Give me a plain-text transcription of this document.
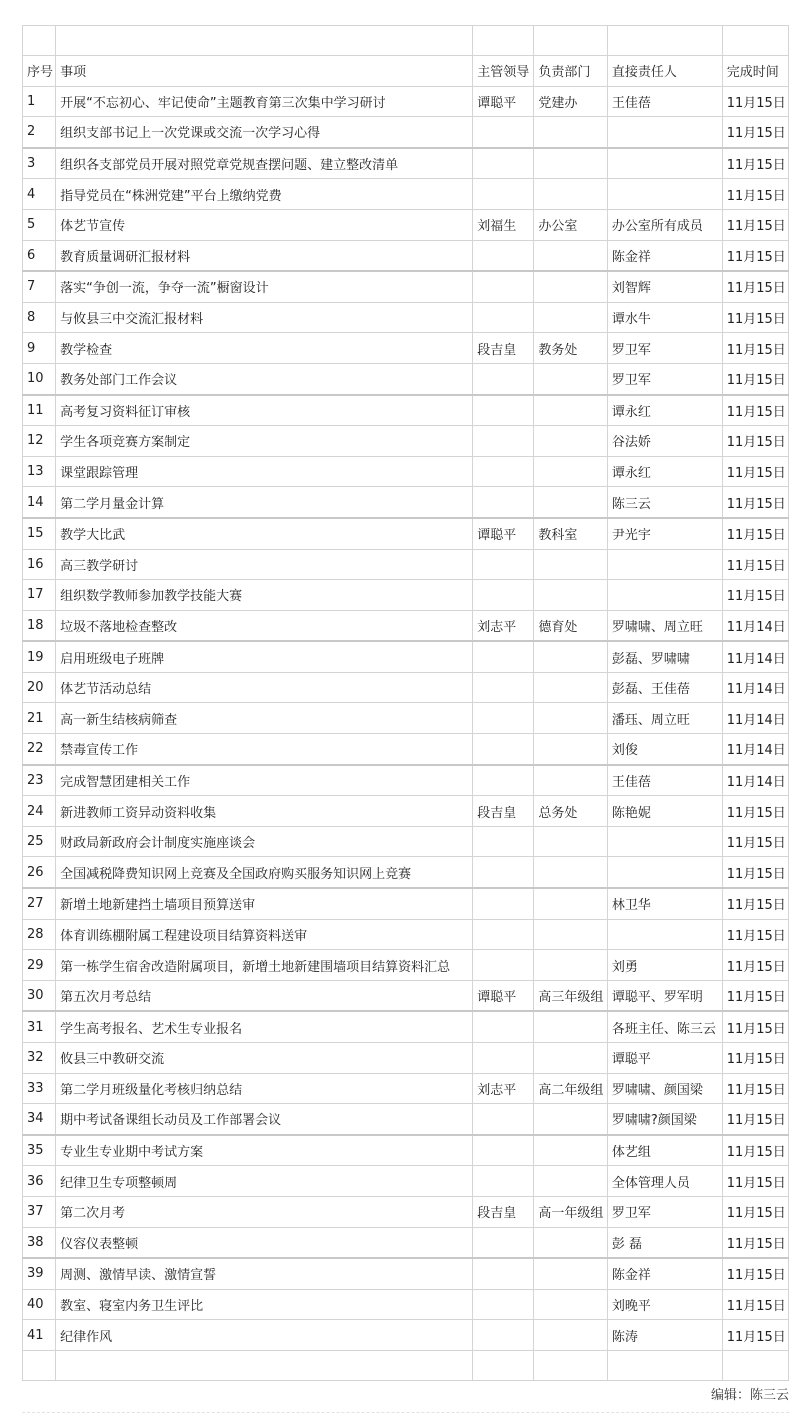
序号	事项	主管领导	负责部门	直接责任人	完成时间
1	开展“不忘初心、牢记使命”主题教育第三次集中学习研讨	谭聪平	党建办	王佳蓓	11月15日
2	组织支部书记上一次党课或交流一次学习心得				11月15日
3	组织各支部党员开展对照党章党规查摆问题、建立整改清单				11月15日
4	指导党员在“株洲党建”平台上缴纳党费				11月15日
5	体艺节宣传	刘福生	办公室	办公室所有成员	11月15日
6	教育质量调研汇报材料			陈金祥	11月15日
7	落实“争创一流，争夺一流”橱窗设计			刘智辉	11月15日
8	与攸县三中交流汇报材料			谭水牛	11月15日
9	教学检查	段吉皇	教务处	罗卫军	11月15日
10	教务处部门工作会议			罗卫军	11月15日
11	高考复习资料征订审核			谭永红	11月15日
12	学生各项竞赛方案制定			谷法娇	11月15日
13	课堂跟踪管理			谭永红	11月15日
14	第二学月量金计算			陈三云	11月15日
15	教学大比武	谭聪平	教科室	尹光宇	11月15日
16	高三教学研讨				11月15日
17	组织数学教师参加教学技能大赛				11月15日
18	垃圾不落地检查整改	刘志平	德育处	罗啸啸、周立旺	11月14日
19	启用班级电子班牌			彭磊、罗啸啸	11月14日
20	体艺节活动总结			彭磊、王佳蓓	11月14日
21	高一新生结核病筛查			潘珏、周立旺	11月14日
22	禁毒宣传工作			刘俊	11月14日
23	完成智慧团建相关工作			王佳蓓	11月14日
24	新进教师工资异动资料收集	段吉皇	总务处	陈艳妮	11月15日
25	财政局新政府会计制度实施座谈会				11月15日
26	全国减税降费知识网上竞赛及全国政府购买服务知识网上竞赛				11月15日
27	新增土地新建挡土墙项目预算送审			林卫华	11月15日
28	体育训练棚附属工程建设项目结算资料送审				11月15日
29	第一栋学生宿舍改造附属项目，新增土地新建围墙项目结算资料汇总			刘勇	11月15日
30	第五次月考总结	谭聪平	高三年级组	谭聪平、罗军明	11月15日
31	学生高考报名、艺术生专业报名			各班主任、陈三云	11月15日
32	攸县三中教研交流			谭聪平	11月15日
33	第二学月班级量化考核归纳总结	刘志平	高二年级组	罗啸啸、颜国梁	11月15日
34	期中考试备课组长动员及工作部署会议			罗啸啸?颜国梁	11月15日
35	专业生专业期中考试方案			体艺组	11月15日
36	纪律卫生专项整顿周			全体管理人员	11月15日
37	第二次月考	段吉皇	高一年级组	罗卫军	11月15日
38	仪容仪表整顿			彭 磊	11月15日
39	周测、激情早读、激情宣誓			陈金祥	11月15日
40	教室、寝室内务卫生评比			刘晚平	11月15日
41	纪律作风			陈涛	11月15日

编辑：陈三云
